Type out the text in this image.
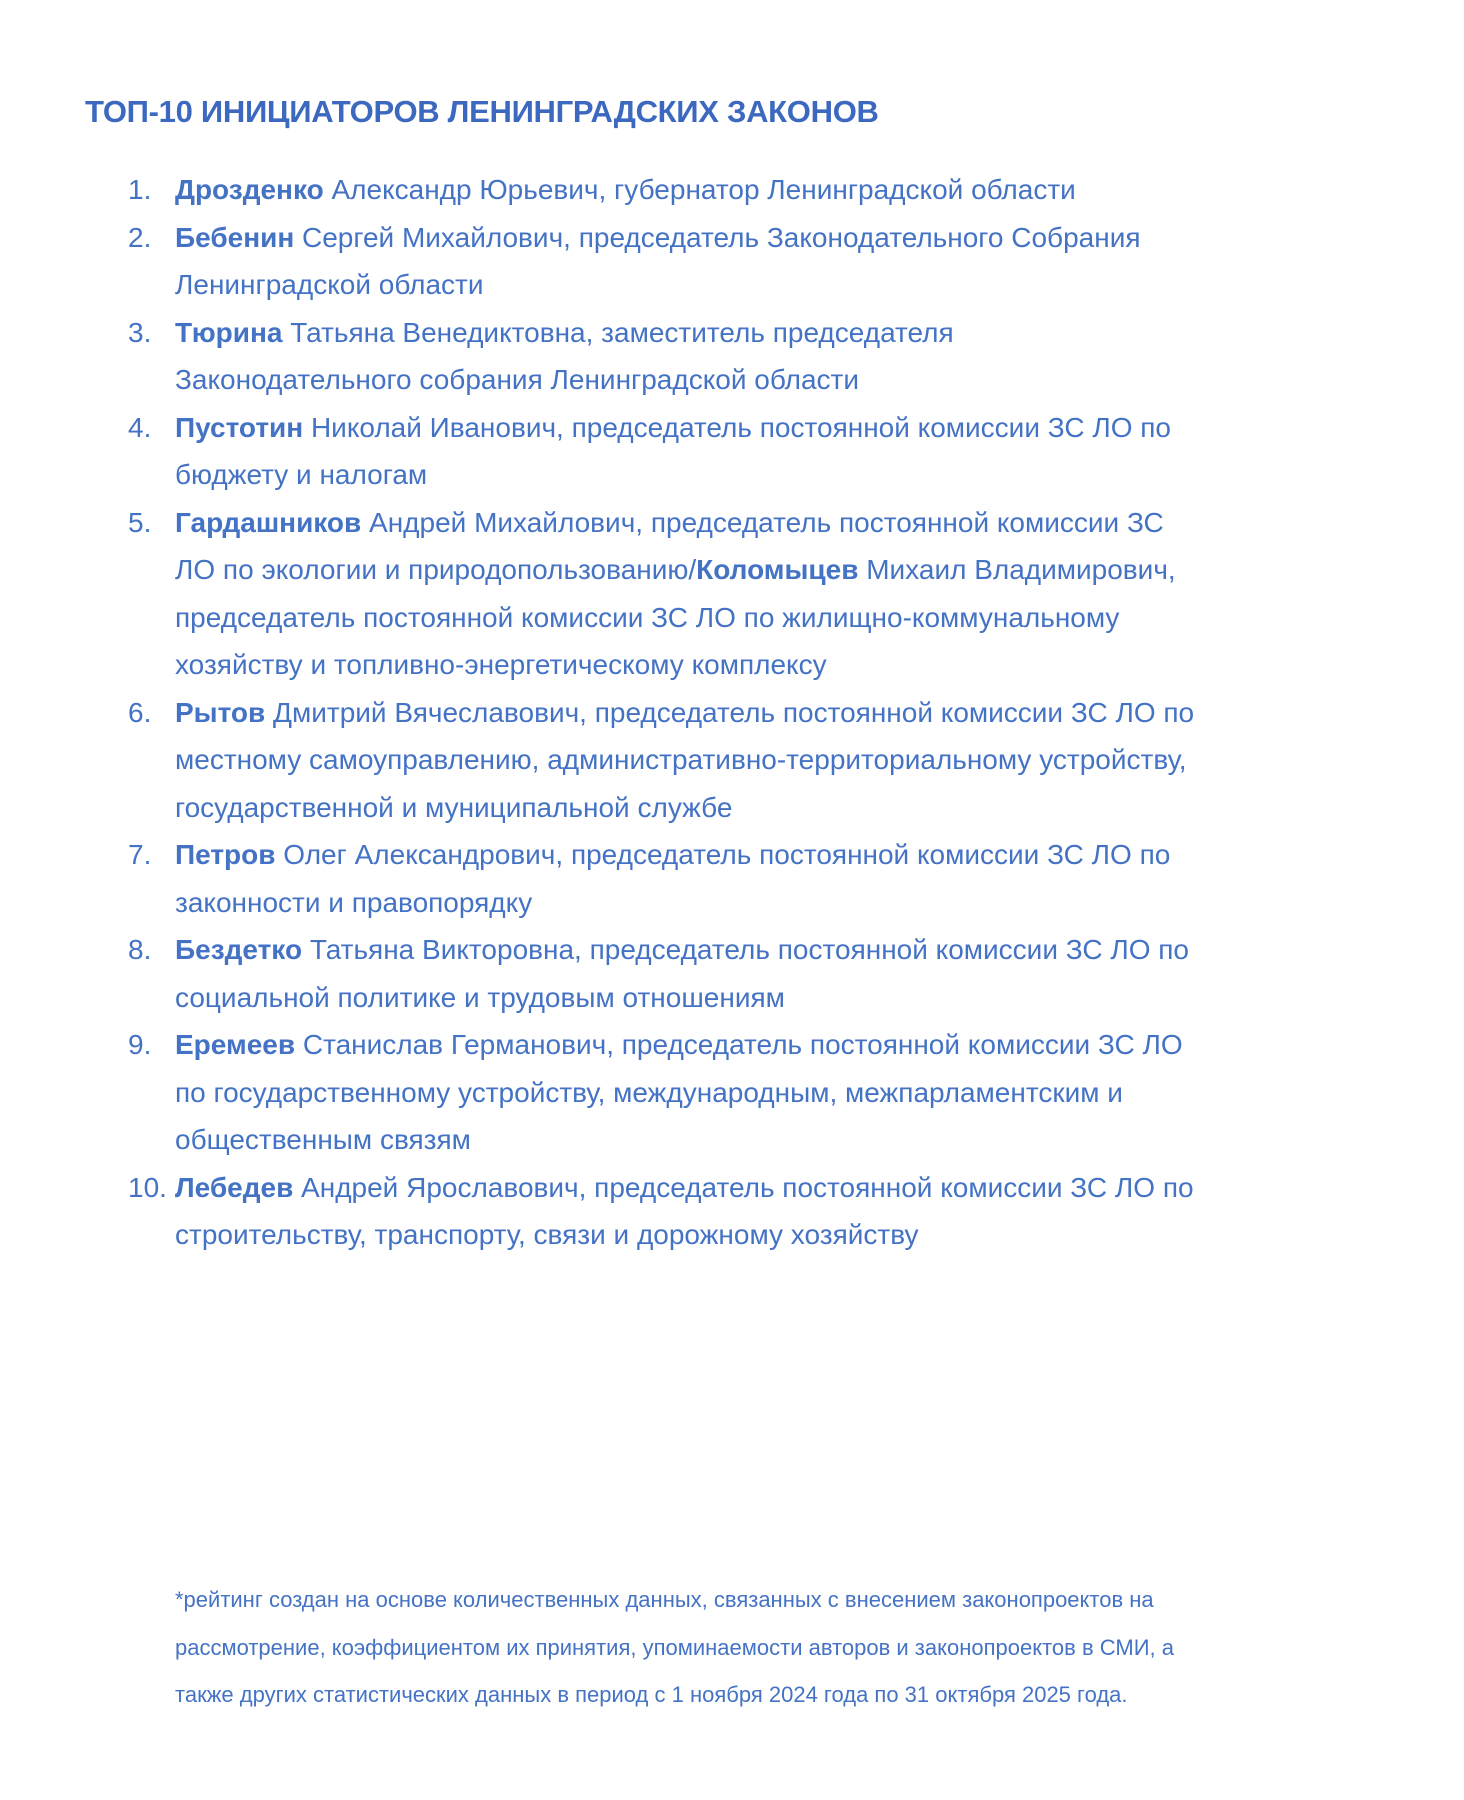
ТОП-10 ИНИЦИАТОРОВ ЛЕНИНГРАДСКИХ ЗАКОНОВ
1. Дрозденко Александр Юрьевич, губернатор Ленинградской области
2. Бебенин Сергей Михайлович, председатель Законодательного Собрания Ленинградской области
3. Тюрина Татьяна Венедиктовна, заместитель председателя Законодательного собрания Ленинградской области
4. Пустотин Николай Иванович, председатель постоянной комиссии ЗС ЛО по бюджету и налогам
5. Гардашников Андрей Михайлович, председатель постоянной комиссии ЗС ЛО по экологии и природопользованию/Коломыцев Михаил Владимирович, председатель постоянной комиссии ЗС ЛО по жилищно-коммунальному хозяйству и топливно-энергетическому комплексу
6. Рытов Дмитрий Вячеславович, председатель постоянной комиссии ЗС ЛО по местному самоуправлению, административно-территориальному устройству, государственной и муниципальной службе
7. Петров Олег Александрович, председатель постоянной комиссии ЗС ЛО по законности и правопорядку
8. Бездетко Татьяна Викторовна, председатель постоянной комиссии ЗС ЛО по социальной политике и трудовым отношениям
9. Еремеев Станислав Германович, председатель постоянной комиссии ЗС ЛО по государственному устройству, международным, межпарламентским и общественным связям
10. Лебедев Андрей Ярославович, председатель постоянной комиссии ЗС ЛО по строительству, транспорту, связи и дорожному хозяйству

*рейтинг создан на основе количественных данных, связанных с внесением законопроектов на рассмотрение, коэффициентом их принятия, упоминаемости авторов и законопроектов в СМИ, а также других статистических данных в период с 1 ноября 2024 года по 31 октября 2025 года.
